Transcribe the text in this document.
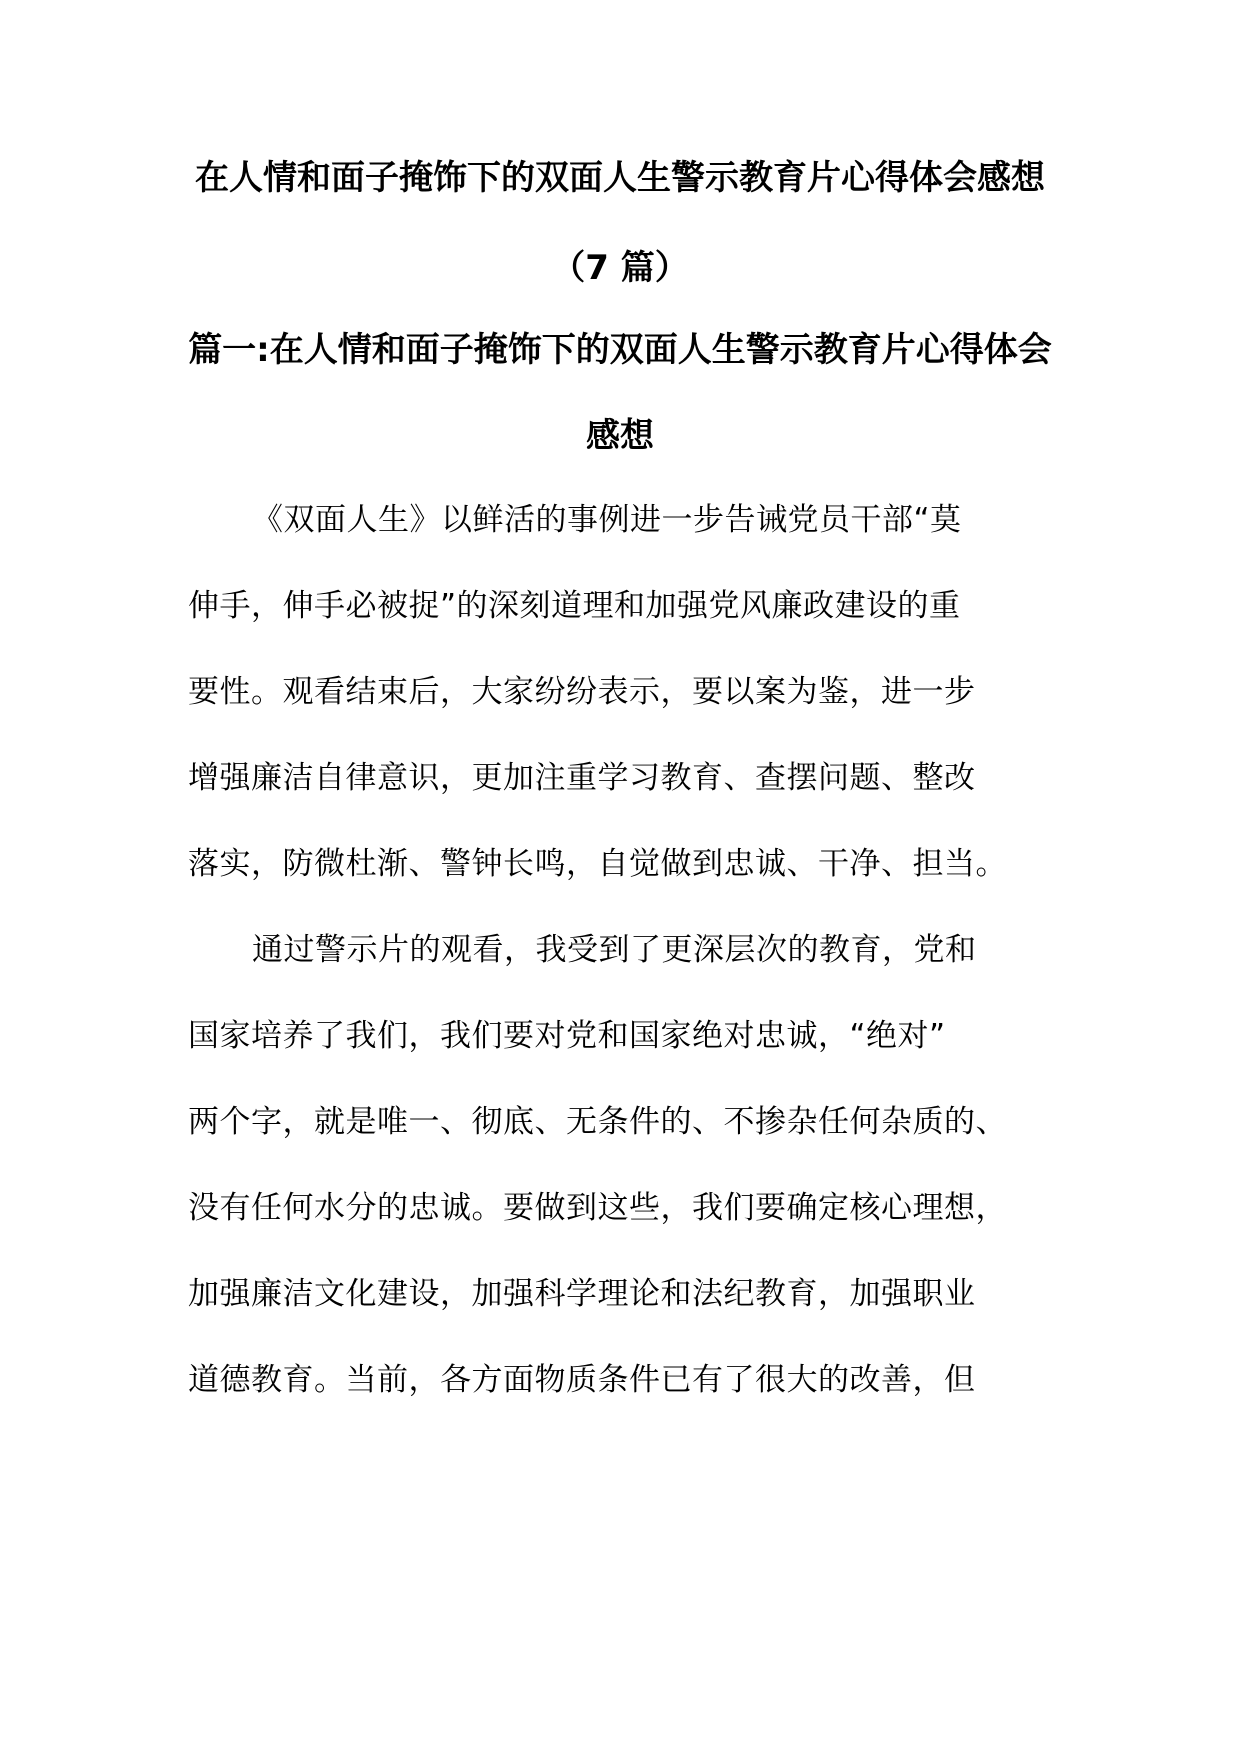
在人情和面子掩饰下的双面人生警示教育片心得体会感想
（7 篇）
篇一:在人情和面子掩饰下的双面人生警示教育片心得体会
感想

《双面人生》以鲜活的事例进一步告诫党员干部“莫

伸手，伸手必被捉”的深刻道理和加强党风廉政建设的重

要性。观看结束后，大家纷纷表示，要以案为鉴，进一步

增强廉洁自律意识，更加注重学习教育、查摆问题、整改

落实，防微杜渐、警钟长鸣，自觉做到忠诚、干净、担当。

通过警示片的观看，我受到了更深层次的教育，党和

国家培养了我们，我们要对党和国家绝对忠诚，“绝对”

两个字，就是唯一、彻底、无条件的、不掺杂任何杂质的、

没有任何水分的忠诚。要做到这些，我们要确定核心理想，

加强廉洁文化建设，加强科学理论和法纪教育，加强职业

道德教育。当前，各方面物质条件已有了很大的改善，但
